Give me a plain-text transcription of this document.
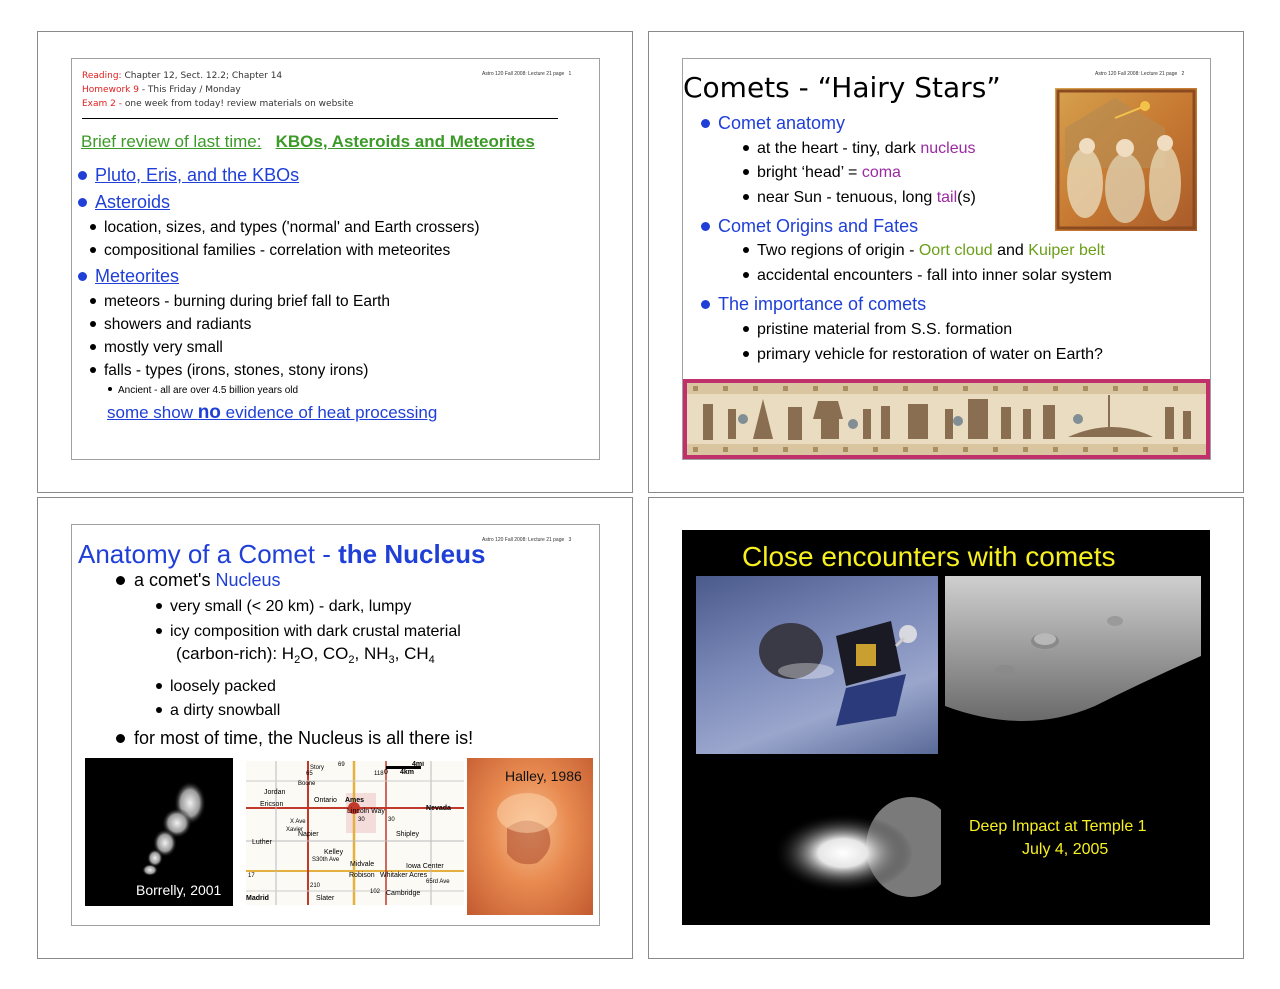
Reading: Chapter 12, Sect. 12.2; Chapter 14
Homework 9 - This Friday / Monday
Exam 2 - one week from today! review materials on website
Astro 120 Fall 2008: Lecture 21 page 1
Brief review of last time: KBOs, Asteroids and Meteorites
Pluto, Eris, and the KBOs
Asteroids
location, sizes, and types ('normal' and Earth crossers)
compositional families - correlation with meteorites
Meteorites
meteors - burning during brief fall to Earth
showers and radiants
mostly very small
falls - types (irons, stones, stony irons)
Ancient - all are over 4.5 billion years old
some show no evidence of heat processing
Comets - “Hairy Stars”	Astro 120 Fall 2008: Lecture 21 page 2
Comet anatomy
at the heart - tiny, dark nucleus
bright ‘head’ = coma
near Sun - tenuous, long tail(s)
Comet Origins and Fates
Two regions of origin - Oort cloud and Kuiper belt
accidental encounters - fall into inner solar system
The importance of comets
pristine material from S.S. formation
primary vehicle for restoration of water on Earth?
Anatomy of a Comet - the Nucleus
Astro 120 Fall 2008: Lecture 21 page 3
a comet's Nucleus
very small (< 20 km) - dark, lumpy
icy composition with dark crustal material
(carbon-rich): $H_2O$, $CO_2$, $NH_3$, $CH_4$
loosely packed
a dirty snowball
for most of time, the Nucleus is all there is!
Borrelly, 2001
4mi
0 4km
Jordan
Ontario Ames
Ericson
Lincoln Way	Nevada
Napier	Shipley
Luther
Kelley
Midvale	Iowa Center
Robison Whitaker Acres
Madrid	Slater
Cambridge
69
30	30
17
210
65	118
102
Boone
Story
X Ave
Xavier
S30th Ave
65rd Ave
Halley, 1986
Close encounters with comets
Deep Impact at Temple 1
July 4, 2005
